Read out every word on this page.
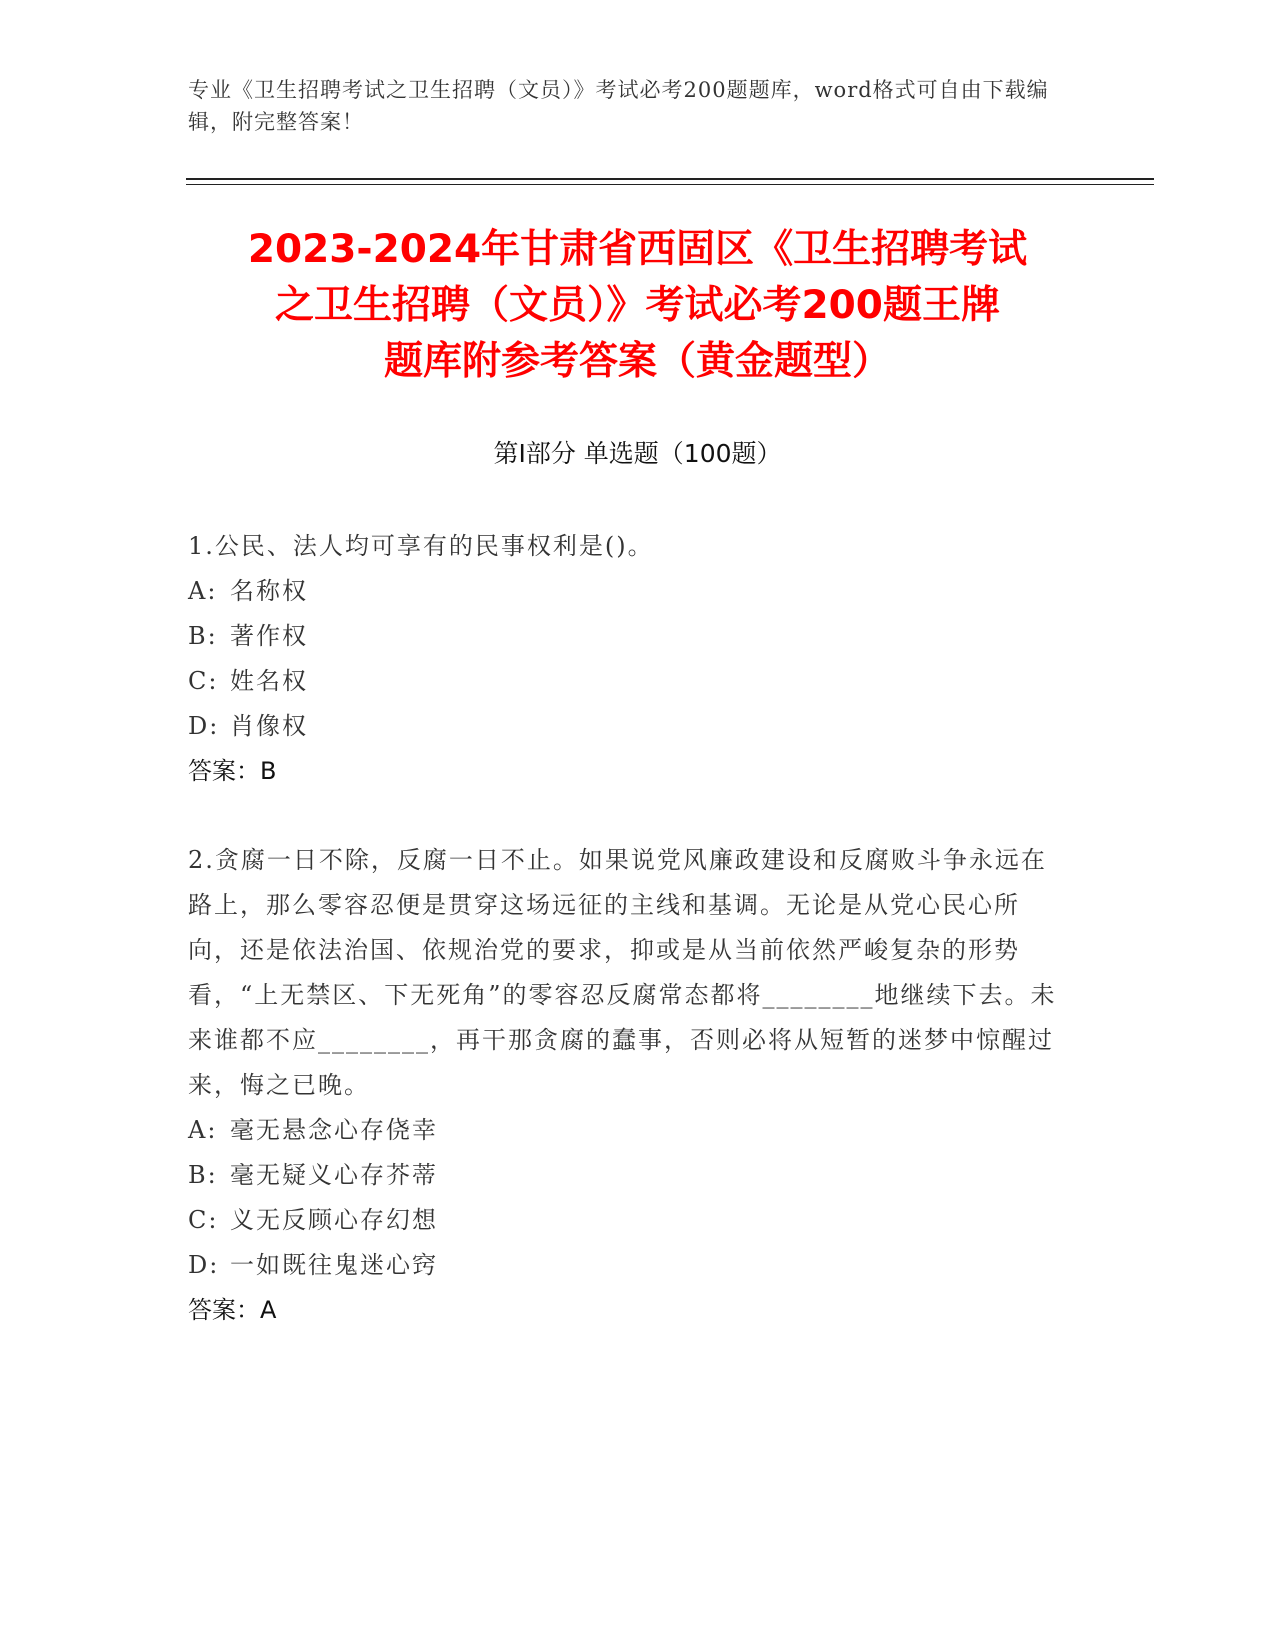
专业《卫生招聘考试之卫生招聘（文员）》考试必考200题题库，word格式可自由下载编辑，附完整答案！
2023-2024年甘肃省西固区《卫生招聘考试
之卫生招聘（文员）》考试必考200题王牌
题库附参考答案（黄金题型）
第I部分 单选题（100题）

1.公民、法人均可享有的民事权利是()。

A: 名称权

B: 著作权

C: 姓名权

D: 肖像权

答案：B

2.贪腐一日不除，反腐一日不止。如果说党风廉政建设和反腐败斗争永远在路上，那么零容忍便是贯穿这场远征的主线和基调。无论是从党心民心所向，还是依法治国、依规治党的要求，抑或是从当前依然严峻复杂的形势看，“上无禁区、下无死角”的零容忍反腐常态都将________地继续下去。未来谁都不应________，再干那贪腐的蠢事，否则必将从短暂的迷梦中惊醒过来，悔之已晚。

A: 毫无悬念心存侥幸

B: 毫无疑义心存芥蒂

C: 义无反顾心存幻想

D: 一如既往鬼迷心窍

答案：A
